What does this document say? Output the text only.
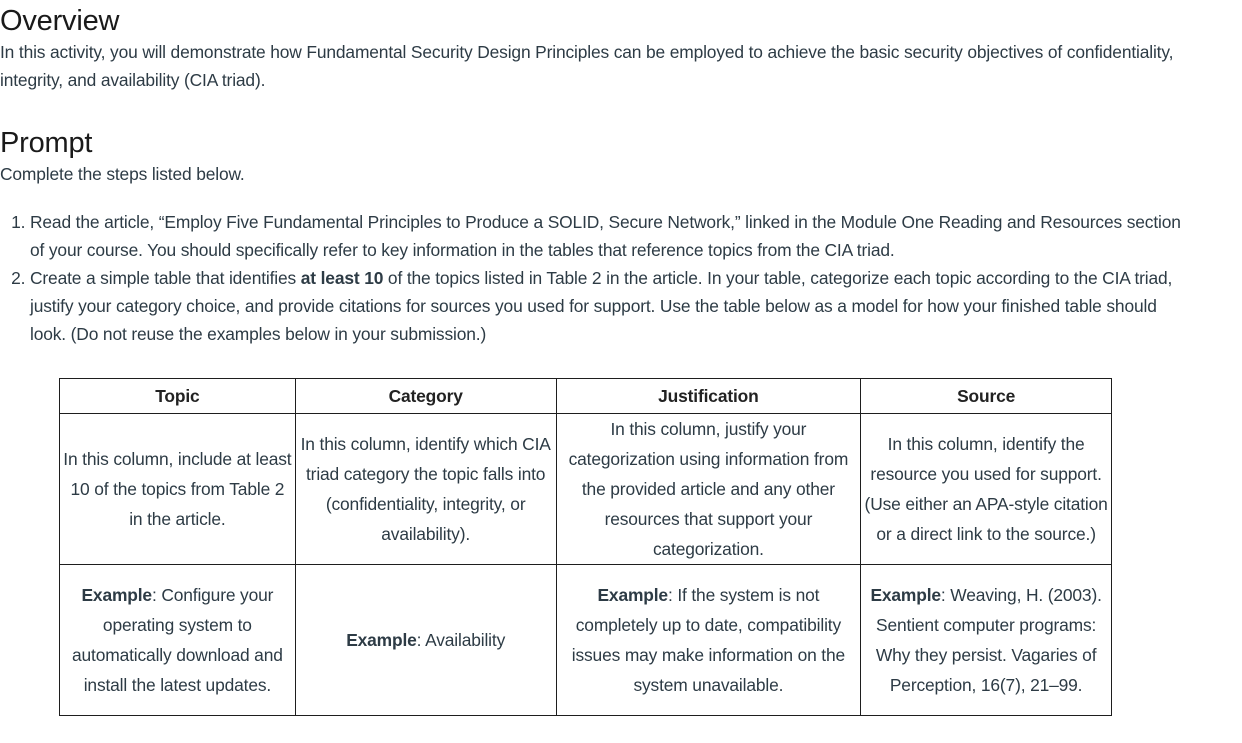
Overview

In this activity, you will demonstrate how Fundamental Security Design Principles can be employed to achieve the basic security objectives of confidentiality, integrity, and availability (CIA triad).

Prompt

Complete the steps listed below.

1. Read the article, “Employ Five Fundamental Principles to Produce a SOLID, Secure Network,” linked in the Module One Reading and Resources section of your course. You should specifically refer to key information in the tables that reference topics from the CIA triad.
2. Create a simple table that identifies at least 10 of the topics listed in Table 2 in the article. In your table, categorize each topic according to the CIA triad, justify your category choice, and provide citations for sources you used for support. Use the table below as a model for how your finished table should look. (Do not reuse the examples below in your submission.)
Topic	Category	Justification	Source
In this column, include at least 10 of the topics from Table 2 in the article.	In this column, identify which CIA triad category the topic falls into (confidentiality, integrity, or availability).	In this column, justify your categorization using information from the provided article and any other resources that support your categorization.	In this column, identify the resource you used for support. (Use either an APA-style citation or a direct link to the source.)
Example: Configure your operating system to automatically download and install the latest updates.	Example: Availability	Example: If the system is not completely up to date, compatibility issues may make information on the system unavailable.	Example: Weaving, H. (2003). Sentient computer programs: Why they persist. Vagaries of Perception, 16(7), 21–99.
